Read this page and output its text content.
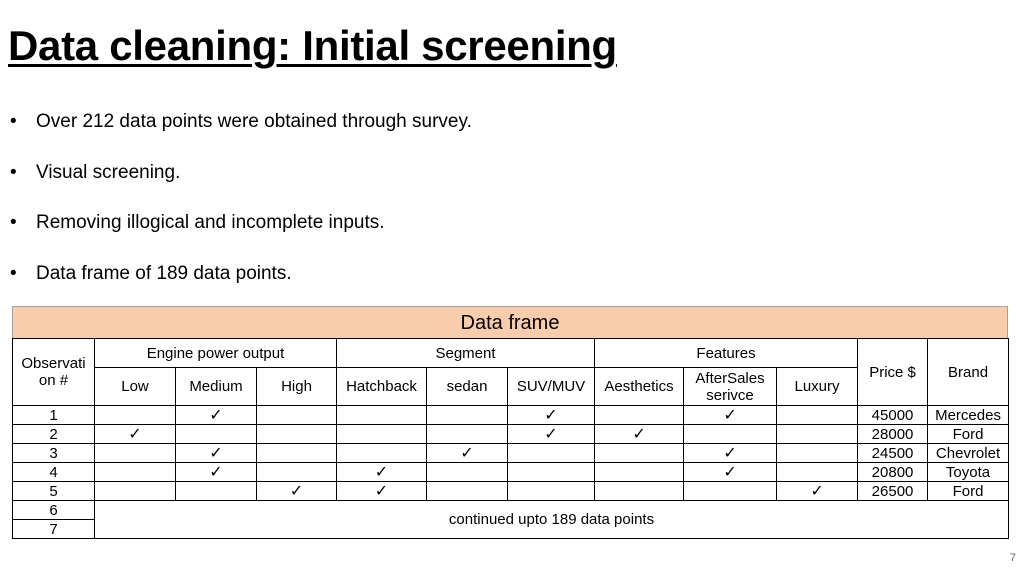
Data cleaning: Initial screening
• Over 212 data points were obtained through survey.
• Visual screening.
• Removing illogical and incomplete inputs.
• Data frame of 189 data points.
Data frame
Observati on #	Engine power output			Segment			Features			Price $	Brand
	Low	Medium	High	Hatchback	sedan	SUV/MUV	Aesthetics	AfterSales serivce	Luxury		
1		✓				✓		✓		45000	Mercedes
2	✓					✓	✓			28000	Ford
3		✓			✓			✓		24500	Chevrolet
4		✓		✓				✓		20800	Toyota
5			✓	✓					✓	26500	Ford
6	continued upto 189 data points										
7											
7
